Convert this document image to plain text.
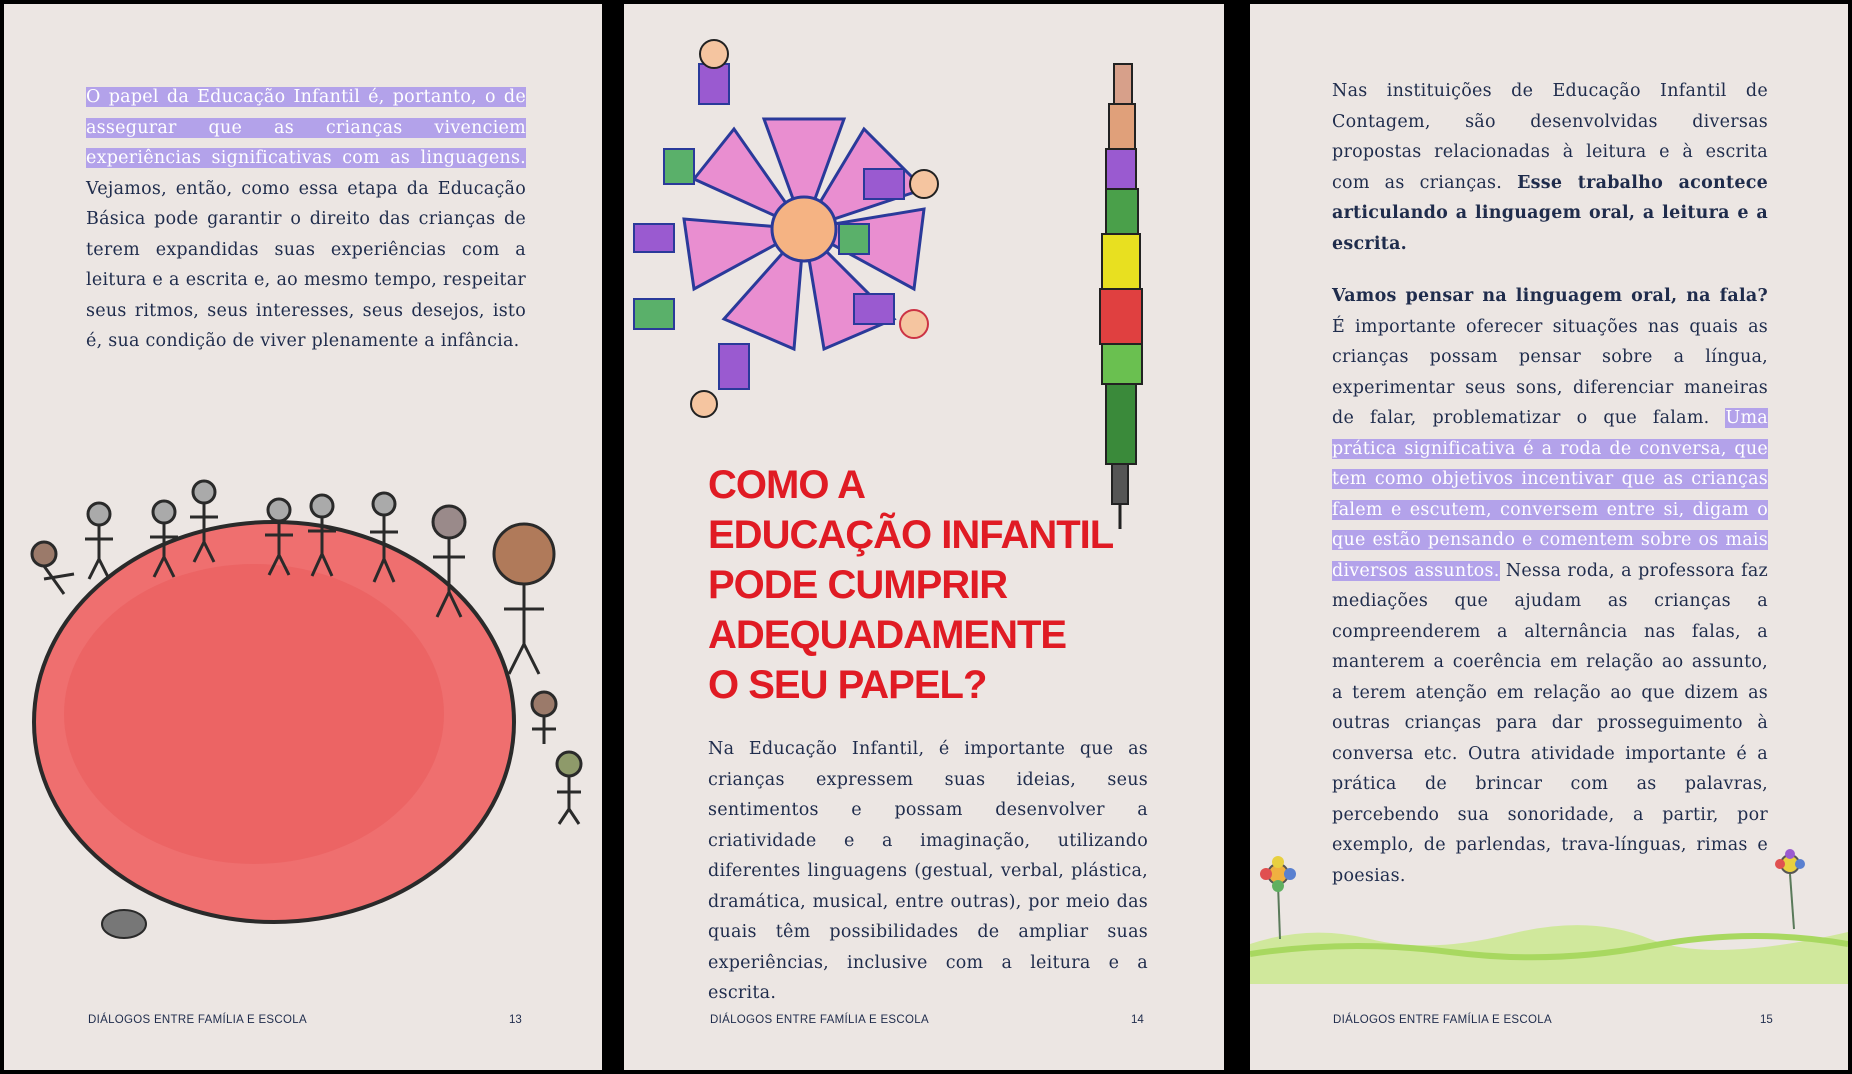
O papel da Educação Infantil é, portanto, o de assegurar que as crianças vivenciem experiências significativas com as linguagens. Vejamos, então, como essa etapa da Educação Básica pode garantir o direito das crianças de terem expandidas suas experiências com a leitura e a escrita e, ao mesmo tempo, respeitar seus ritmos, seus interesses, seus desejos, isto é, sua condição de viver plenamente a infância.

DIÁLOGOS ENTRE FAMÍLIA E ESCOLA	13
COMO A
EDUCAÇÃO INFANTIL
PODE CUMPRIR
ADEQUADAMENTE
O SEU PAPEL?

Na Educação Infantil, é importante que as crianças expressem suas ideias, seus sentimentos e possam desenvolver a criatividade e a imaginação, utilizando diferentes linguagens (gestual, verbal, plástica, dramática, musical, entre outras), por meio das quais têm possibilidades de ampliar suas experiências, inclusive com a leitura e a escrita.

DIÁLOGOS ENTRE FAMÍLIA E ESCOLA	14
Nas instituições de Educação Infantil de Contagem, são desenvolvidas diversas propostas relacionadas à leitura e à escrita com as crianças. Esse trabalho acontece articulando a linguagem oral, a leitura e a escrita.
Vamos pensar na linguagem oral, na fala? É importante oferecer situações nas quais as crianças possam pensar sobre a língua, experimentar seus sons, diferenciar maneiras de falar, problematizar o que falam. Uma prática significativa é a roda de conversa, que tem como objetivos incentivar que as crianças falem e escutem, conversem entre si, digam o que estão pensando e comentem sobre os mais diversos assuntos. Nessa roda, a professora faz mediações que ajudam as crianças a compreenderem a alternância nas falas, a manterem a coerência em relação ao assunto, a terem atenção em relação ao que dizem as outras crianças para dar prosseguimento à conversa etc. Outra atividade importante é a prática de brincar com as palavras, percebendo sua sonoridade, a partir, por exemplo, de parlendas, trava-línguas, rimas e poesias.
DIÁLOGOS ENTRE FAMÍLIA E ESCOLA	15
